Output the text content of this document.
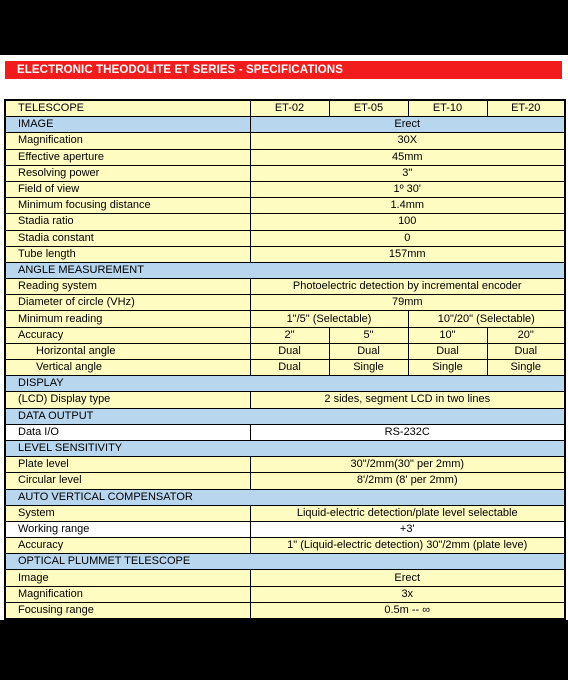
ELECTRONIC THEODOLITE ET SERIES - SPECIFICATIONS
TELESCOPE	ET-02	ET-05	ET-10	ET-20
IMAGE	Erect			
Magnification	30X			
Effective aperture	45mm			
Resolving power	3"			
Field of view	1º 30'			
Minimum focusing distance	1.4mm			
Stadia ratio	100			
Stadia constant	0			
Tube length	157mm			
ANGLE MEASUREMENT				
Reading system	Photoelectric detection by incremental encoder			
Diameter of circle (VHz)	79mm			
Minimum reading	1"/5" (Selectable)		10"/20" (Selectable)	
Accuracy	2"	5"	10"	20"
Horizontal angle	Dual	Dual	Dual	Dual
Vertical angle	Dual	Single	Single	Single
DISPLAY				
(LCD) Display type	2 sides, segment LCD in two lines			
DATA OUTPUT				
Data I/O	RS-232C			
LEVEL SENSITIVITY				
Plate level	30"/2mm(30" per 2mm)			
Circular level	8'/2mm (8' per 2mm)			
AUTO VERTICAL COMPENSATOR				
System	Liquid-electric detection/plate level selectable			
Working range	+3'			
Accuracy	1" (Liquid-electric detection) 30"/2mm (plate leve)			
OPTICAL PLUMMET TELESCOPE				
Image	Erect			
Magnification	3x			
Focusing range	0.5m -- ∞			
